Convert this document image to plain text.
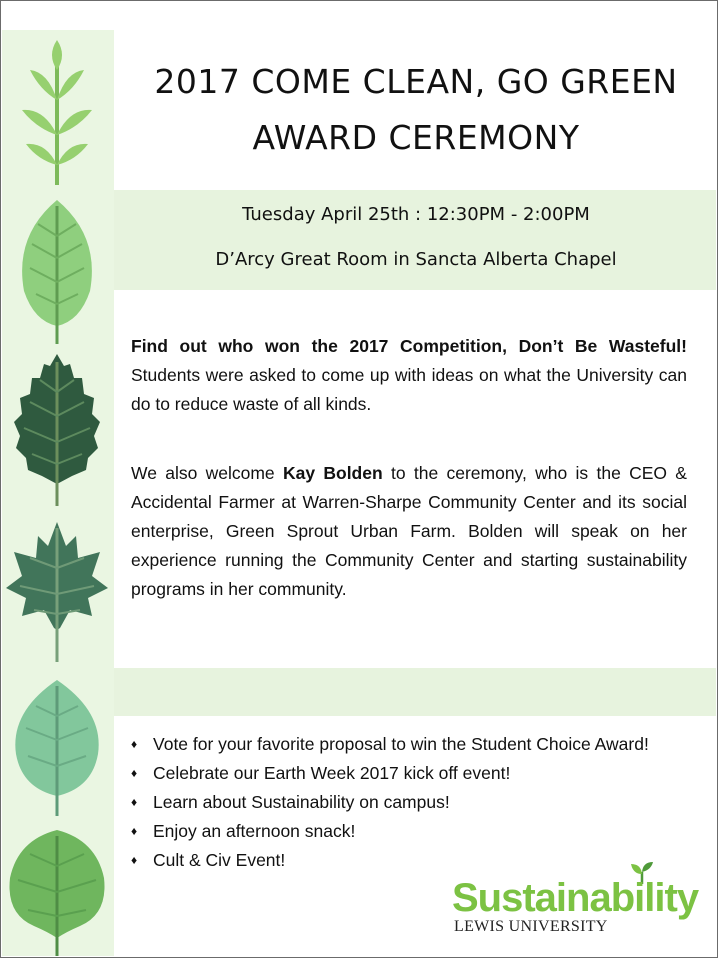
2017 COME CLEAN, GO GREEN
AWARD CEREMONY
Tuesday April 25th : 12:30PM - 2:00PM
D’Arcy Great Room in Sancta Alberta Chapel
Find out who won the 2017 Competition, Don’t Be Wasteful! Students were asked to come up with ideas on what the University can do to reduce waste of all kinds.
We also welcome Kay Bolden to the ceremony, who is the CEO & Accidental Farmer at Warren-Sharpe Community Center and its social enterprise, Green Sprout Urban Farm. Bolden will speak on her experience running the Community Center and starting sustainability programs in her community.
♦ Vote for your favorite proposal to win the Student Choice Award!
♦ Celebrate our Earth Week 2017 kick off event!
♦ Learn about Sustainability on campus!
♦ Enjoy an afternoon snack!
♦ Cult & Civ Event!
Sustainability
LEWIS UNIVERSITY
